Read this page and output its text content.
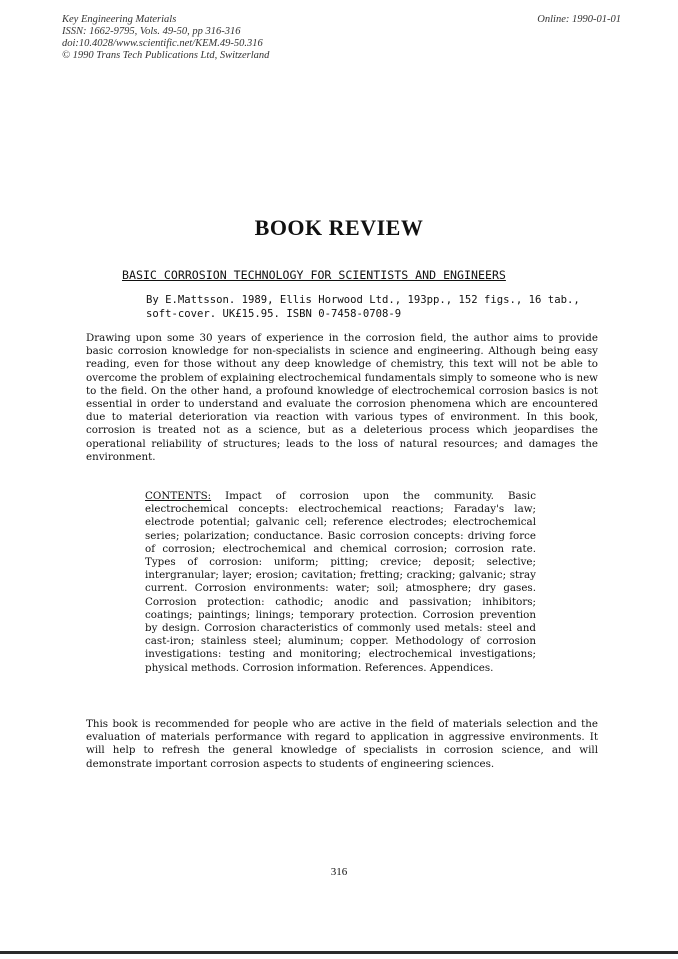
Key Engineering Materials
ISSN: 1662-9795, Vols. 49-50, pp 316-316
doi:10.4028/www.scientific.net/KEM.49-50.316
© 1990 Trans Tech Publications Ltd, Switzerland
Online: 1990-01-01
BOOK REVIEW
BASIC CORROSION TECHNOLOGY FOR SCIENTISTS AND ENGINEERS
By E.Mattsson. 1989, Ellis Horwood Ltd., 193pp., 152 figs., 16 tab., soft-cover. UK£15.95. ISBN 0-7458-0708-9

Drawing upon some 30 years of experience in the corrosion field, the author aims to provide basic corrosion knowledge for non-specialists in science and engineering. Although being easy reading, even for those without any deep knowledge of chemistry, this text will not be able to overcome the problem of explaining electrochemical fundamentals simply to someone who is new to the field. On the other hand, a profound knowledge of electrochemical corrosion basics is not essential in order to understand and evaluate the corrosion phenomena which are encountered due to material deterioration via reaction with various types of environment. In this book, corrosion is treated not as a science, but as a deleterious process which jeopardises the operational reliability of structures; leads to the loss of natural resources; and damages the environment.

CONTENTS: Impact of corrosion upon the community. Basic electrochemical concepts: electrochemical reactions; Faraday's law; electrode potential; galvanic cell; reference electrodes; electrochemical series; polarization; conductance. Basic corrosion concepts: driving force of corrosion; electrochemical and chemical corrosion; corrosion rate. Types of corrosion: uniform; pitting; crevice; deposit; selective; intergranular; layer; erosion; cavitation; fretting; cracking; galvanic; stray current. Corrosion environments: water; soil; atmosphere; dry gases. Corrosion protection: cathodic; anodic and passivation; inhibitors; coatings; paintings; linings; temporary protection. Corrosion prevention by design. Corrosion characteristics of commonly used metals: steel and cast-iron; stainless steel; aluminum; copper. Methodology of corrosion investigations: testing and monitoring; electrochemical investigations; physical methods. Corrosion information. References. Appendices.

This book is recommended for people who are active in the field of materials selection and the evaluation of materials performance with regard to application in aggressive environments. It will help to refresh the general knowledge of specialists in corrosion science, and will demonstrate important corrosion aspects to students of engineering sciences.

316
